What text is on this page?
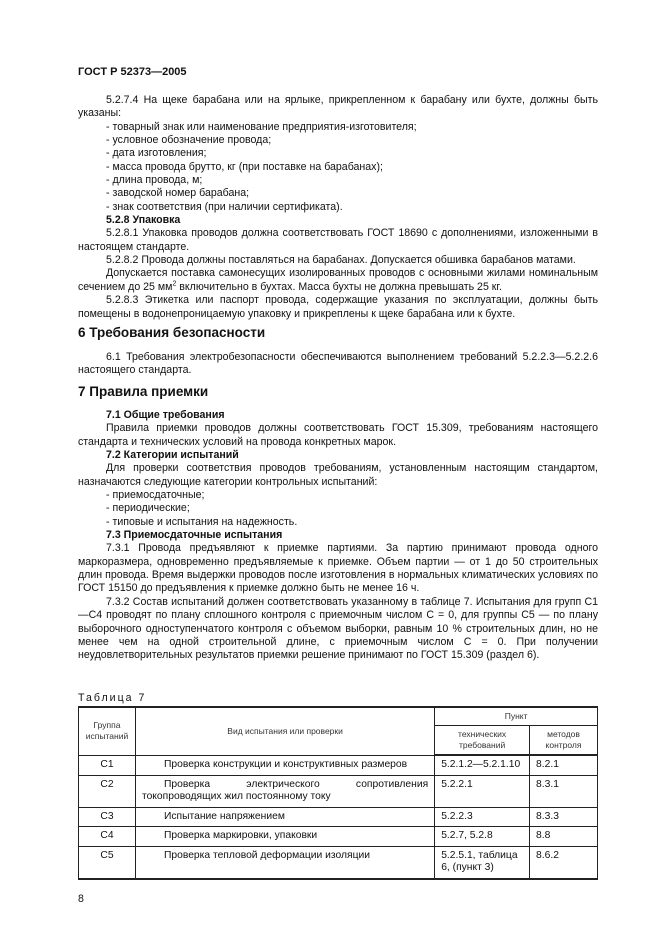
ГОСТ Р 52373—2005

5.2.7.4 На щеке барабана или на ярлыке, прикрепленном к барабану или бухте, должны быть указаны:

- товарный знак или наименование предприятия-изготовителя;

- условное обозначение провода;

- дата изготовления;

- масса провода брутто, кг (при поставке на барабанах);

- длина провода, м;

- заводской номер барабана;

- знак соответствия (при наличии сертификата).

5.2.8 Упаковка

5.2.8.1 Упаковка проводов должна соответствовать ГОСТ 18690 с дополнениями, изложенными в настоящем стандарте.

5.2.8.2 Провода должны поставляться на барабанах. Допускается обшивка барабанов матами.

Допускается поставка самонесущих изолированных проводов с основными жилами номинальным сечением до 25 $мм^2$ включительно в бухтах. Масса бухты не должна превышать 25 кг.

5.2.8.3 Этикетка или паспорт провода, содержащие указания по эксплуатации, должны быть помещены в водонепроницаемую упаковку и прикреплены к щеке барабана или к бухте.

6 Требования безопасности

6.1 Требования электробезопасности обеспечиваются выполнением требований 5.2.2.3—5.2.2.6 настоящего стандарта.

7 Правила приемки

7.1 Общие требования

Правила приемки проводов должны соответствовать ГОСТ 15.309, требованиям настоящего стандарта и технических условий на провода конкретных марок.

7.2 Категории испытаний

Для проверки соответствия проводов требованиям, установленным настоящим стандартом, назначаются следующие категории контрольных испытаний:

- приемосдаточные;

- периодические;

- типовые и испытания на надежность.

7.3 Приемосдаточные испытания

7.3.1 Провода предъявляют к приемке партиями. За партию принимают провода одного маркоразмера, одновременно предъявляемые к приемке. Объем партии — от 1 до 50 строительных длин провода. Время выдержки проводов после изготовления в нормальных климатических условиях по ГОСТ 15150 до предъявления к приемке должно быть не менее 16 ч.

7.3.2 Состав испытаний должен соответствовать указанному в таблице 7. Испытания для групп С1—С4 проводят по плану сплошного контроля с приемочным числом C = 0, для группы С5 — по плану выборочного одноступенчатого контроля с объемом выборки, равным 10 % строительных длин, но не менее чем на одной строительной длине, с приемочным числом C = 0. При получении неудовлетворительных результатов приемки решение принимают по ГОСТ 15.309 (раздел 6).

Таблица 7
Группа испытаний	Вид испытания или проверки	Пункт	
		технических требований	методов контроля
С1	Проверка конструкции и конструктивных размеров	5.2.1.2—5.2.1.10	8.2.1
С2	Проверка электрического сопротивления токопроводящих жил постоянному току	5.2.2.1	8.3.1
С3	Испытание напряжением	5.2.2.3	8.3.3
С4	Проверка маркировки, упаковки	5.2.7, 5.2.8	8.8
С5	Проверка тепловой деформации изоляции	5.2.5.1, таблица 6, (пункт 3)	8.6.2
8
